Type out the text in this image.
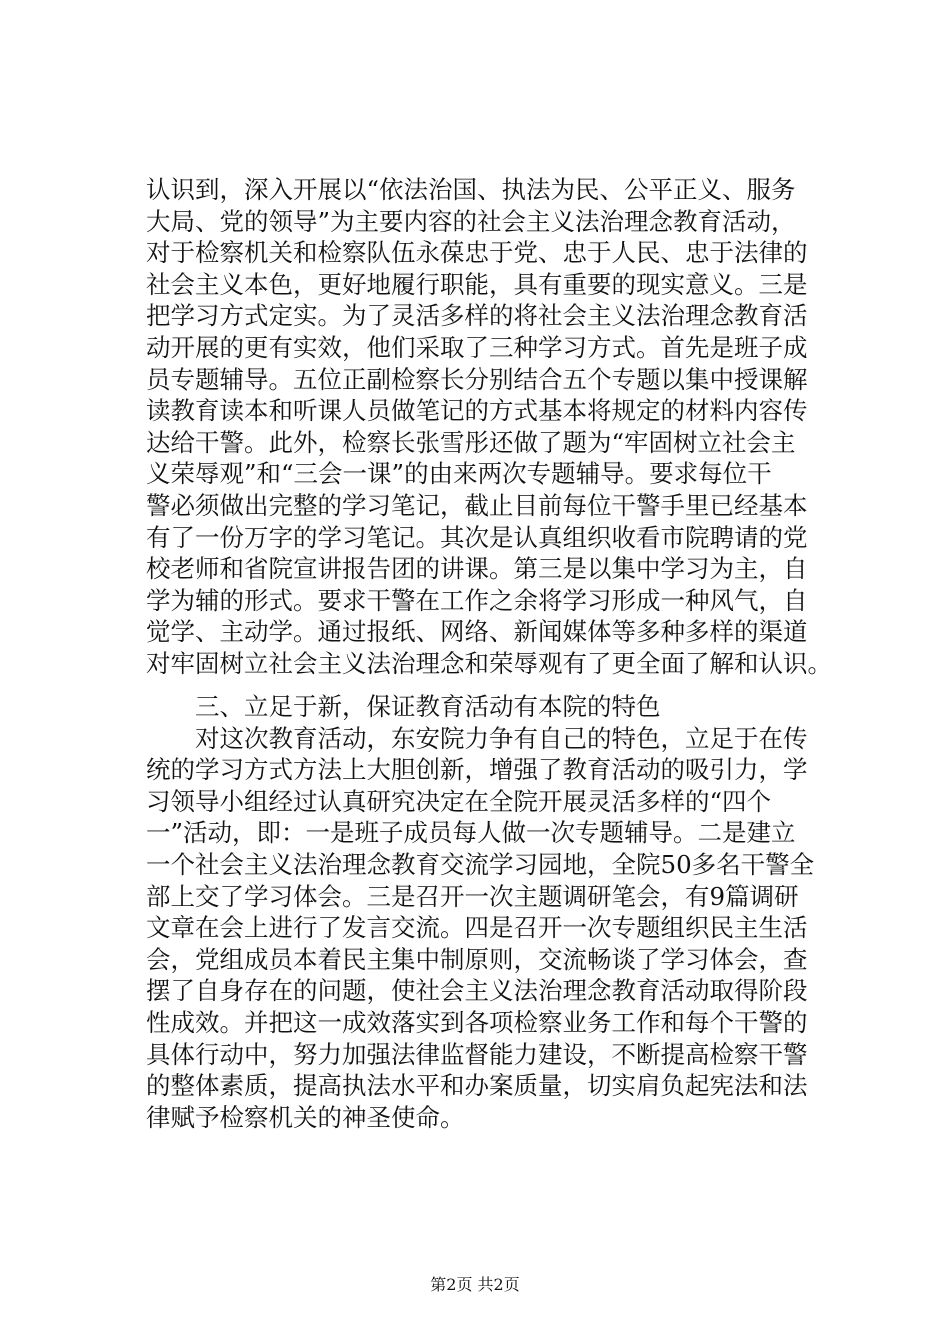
认识到，深入开展以“依法治国、执法为民、公平正义、服务
大局、党的领导”为主要内容的社会主义法治理念教育活动，
对于检察机关和检察队伍永葆忠于党、忠于人民、忠于法律的
社会主义本色，更好地履行职能，具有重要的现实意义。三是
把学习方式定实。为了灵活多样的将社会主义法治理念教育活
动开展的更有实效，他们采取了三种学习方式。首先是班子成
员专题辅导。五位正副检察长分别结合五个专题以集中授课解
读教育读本和听课人员做笔记的方式基本将规定的材料内容传
达给干警。此外，检察长张雪彤还做了题为“牢固树立社会主
义荣辱观”和“三会一课”的由来两次专题辅导。要求每位干
警必须做出完整的学习笔记，截止目前每位干警手里已经基本
有了一份万字的学习笔记。其次是认真组织收看市院聘请的党
校老师和省院宣讲报告团的讲课。第三是以集中学习为主，自
学为辅的形式。要求干警在工作之余将学习形成一种风气，自
觉学、主动学。通过报纸、网络、新闻媒体等多种多样的渠道
对牢固树立社会主义法治理念和荣辱观有了更全面了解和认识。
三、立足于新，保证教育活动有本院的特色
对这次教育活动，东安院力争有自己的特色，立足于在传
统的学习方式方法上大胆创新，增强了教育活动的吸引力，学
习领导小组经过认真研究决定在全院开展灵活多样的“四个
一”活动，即：一是班子成员每人做一次专题辅导。二是建立
一个社会主义法治理念教育交流学习园地，全院50多名干警全
部上交了学习体会。三是召开一次主题调研笔会，有9篇调研
文章在会上进行了发言交流。四是召开一次专题组织民主生活
会，党组成员本着民主集中制原则，交流畅谈了学习体会，查
摆了自身存在的问题，使社会主义法治理念教育活动取得阶段
性成效。并把这一成效落实到各项检察业务工作和每个干警的
具体行动中，努力加强法律监督能力建设，不断提高检察干警
的整体素质，提高执法水平和办案质量，切实肩负起宪法和法
律赋予检察机关的神圣使命。
第2页 共2页
